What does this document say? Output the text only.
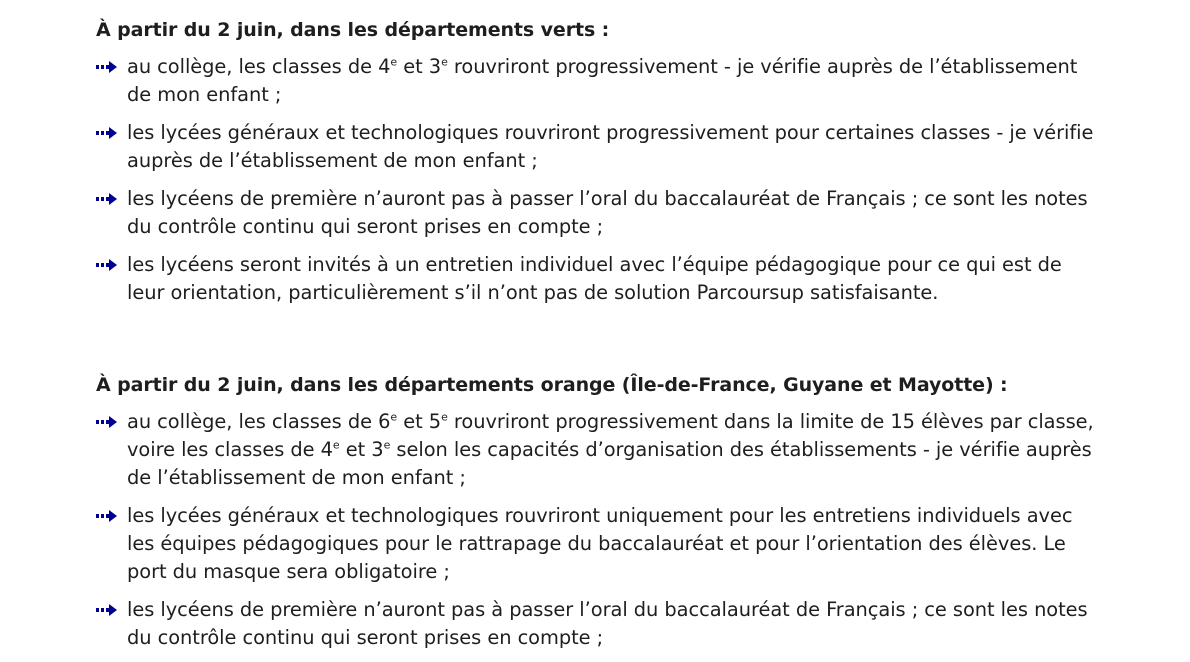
À partir du 2 juin, dans les départements verts :
au collège, les classes de 4e et 3e rouvriront progressivement - je vérifie auprès de l’établissement de mon enfant ;
les lycées généraux et technologiques rouvriront progressivement pour certaines classes - je vérifie auprès de l’établissement de mon enfant ;
les lycéens de première n’auront pas à passer l’oral du baccalauréat de Français ; ce sont les notes du contrôle continu qui seront prises en compte ;
les lycéens seront invités à un entretien individuel avec l’équipe pédagogique pour ce qui est de leur orientation, particulièrement s’il n’ont pas de solution Parcoursup satisfaisante.
À partir du 2 juin, dans les départements orange (Île-de-France, Guyane et Mayotte) :
au collège, les classes de 6e et 5e rouvriront progressivement dans la limite de 15 élèves par classe, voire les classes de 4e et 3e selon les capacités d’organisation des établissements - je vérifie auprès de l’établissement de mon enfant ;
les lycées généraux et technologiques rouvriront uniquement pour les entretiens individuels avec les équipes pédagogiques pour le rattrapage du baccalauréat et pour l’orientation des élèves. Le port du masque sera obligatoire ;
les lycéens de première n’auront pas à passer l’oral du baccalauréat de Français ; ce sont les notes du contrôle continu qui seront prises en compte ;
